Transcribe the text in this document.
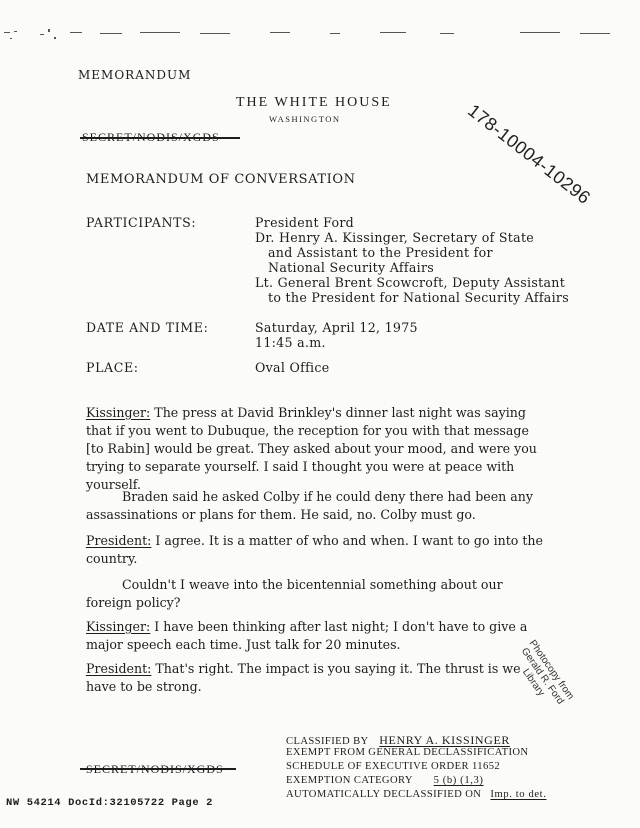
MEMORANDUM
THE WHITE HOUSE
WASHINGTON	178-10004-10296
MEMORANDUM OF CONVERSATION
PARTICIPANTS:	President Ford
Dr. Henry A. Kissinger, Secretary of State
and Assistant to the President for
National Security Affairs
Lt. General Brent Scowcroft, Deputy Assistant
to the President for National Security Affairs
DATE AND TIME:	Saturday, April 12, 1975
11:45 a.m.
PLACE:	Oval Office
Kissinger: The press at David Brinkley's dinner last night was saying that if you went to Dubuque, the reception for you with that message [to Rabin] would be great. They asked about your mood, and were you trying to separate yourself. I said I thought you were at peace with yourself.
Braden said he asked Colby if he could deny there had been any assassinations or plans for them. He said, no. Colby must go.
President: I agree. It is a matter of who and when. I want to go into the country.
Couldn't I weave into the bicentennial something about our foreign policy?
Kissinger: I have been thinking after last night; I don't have to give a major speech each time. Just talk for 20 minutes.
President: That's right. The impact is you saying it. The thrust is we have to be strong.	Photocopy from Gerald R. Ford Library
CLASSIFIED BY HENRY A. KISSINGER
EXEMPT FROM GENERAL DECLASSIFICATION
SCHEDULE OF EXECUTIVE ORDER 11652
EXEMPTION CATEGORY 5 (b) (1,3)
AUTOMATICALLY DECLASSIFIED ON Imp. to det.
NW 54214 DocId:32105722 Page 2
